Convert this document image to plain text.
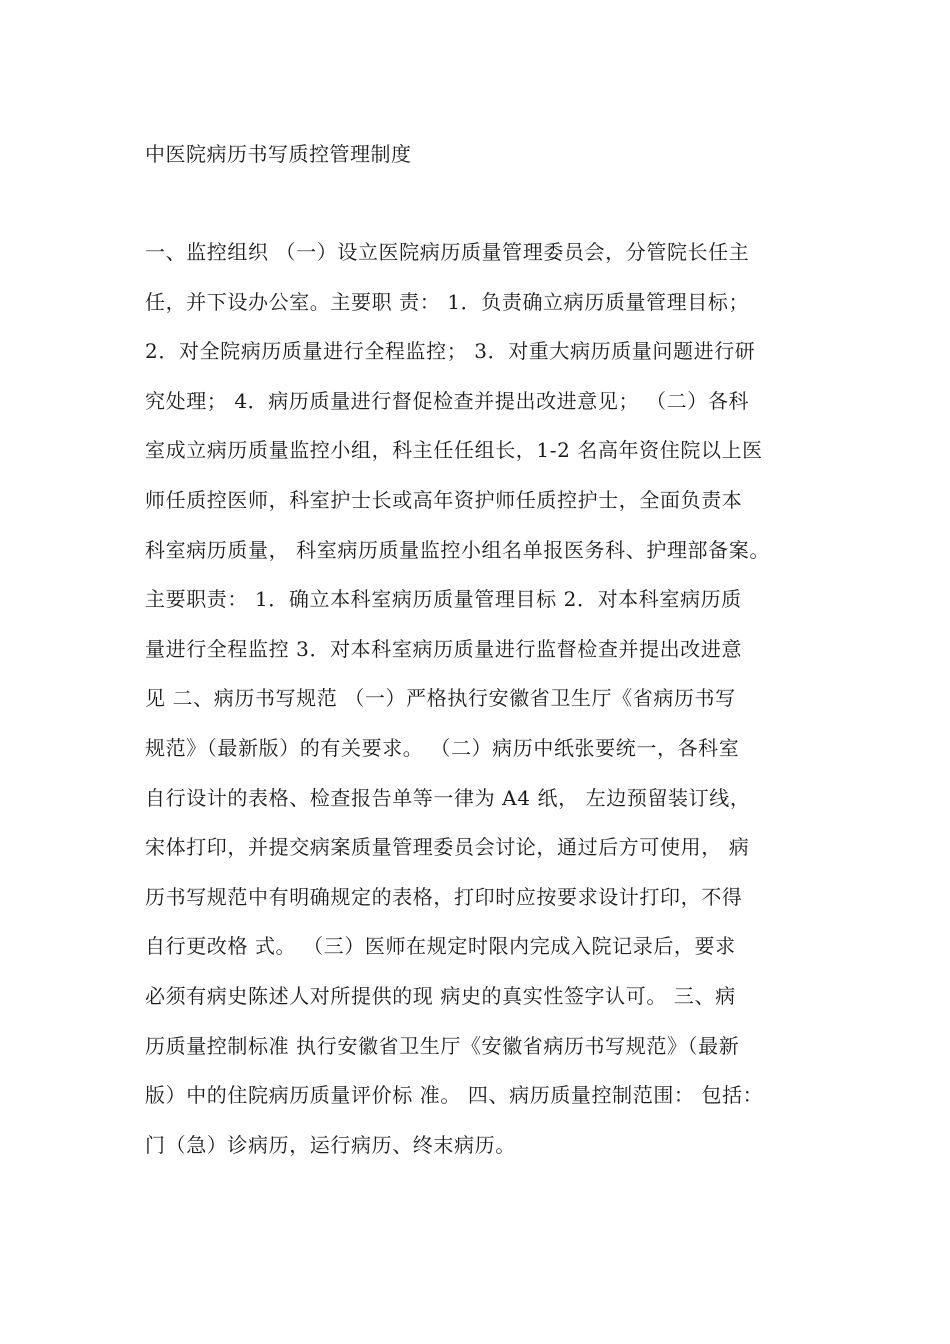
中医院病历书写质控管理制度
一、监控组织 （一）设立医院病历质量管理委员会，分管院长任主
任，并下设办公室。主要职 责： 1．负责确立病历质量管理目标；
2．对全院病历质量进行全程监控； 3．对重大病历质量问题进行研
究处理； 4．病历质量进行督促检查并提出改进意见； （二）各科
室成立病历质量监控小组，科主任任组长，1-2 名高年资住院以上医
师任质控医师，科室护士长或高年资护师任质控护士，全面负责本
科室病历质量， 科室病历质量监控小组名单报医务科、护理部备案。
主要职责： 1．确立本科室病历质量管理目标 2．对本科室病历质
量进行全程监控 3．对本科室病历质量进行监督检查并提出改进意
见 二、病历书写规范 （一）严格执行安徽省卫生厅《省病历书写
规范》（最新版）的有关要求。 （二）病历中纸张要统一，各科室
自行设计的表格、检查报告单等一律为 A4 纸， 左边预留装订线，
宋体打印，并提交病案质量管理委员会讨论，通过后方可使用， 病
历书写规范中有明确规定的表格，打印时应按要求设计打印，不得
自行更改格 式。 （三）医师在规定时限内完成入院记录后，要求
必须有病史陈述人对所提供的现 病史的真实性签字认可。 三、病
历质量控制标准 执行安徽省卫生厅《安徽省病历书写规范》（最新
版）中的住院病历质量评价标 准。 四、病历质量控制范围： 包括：
门（急）诊病历，运行病历、终末病历。
